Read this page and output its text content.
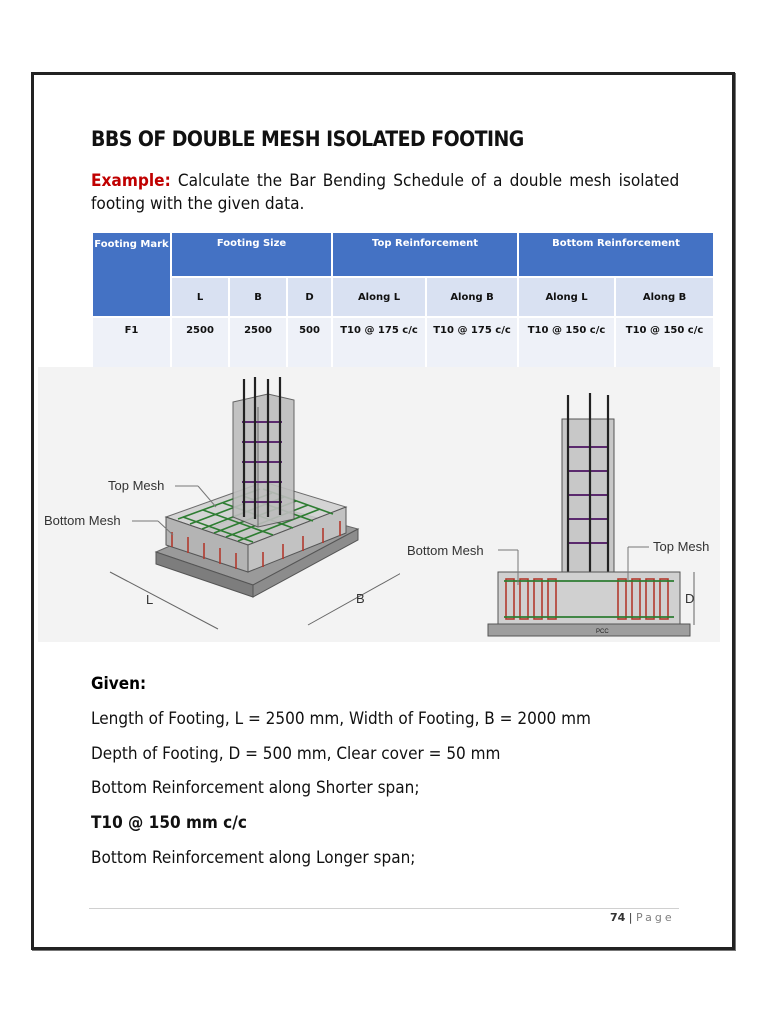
BBS OF DOUBLE MESH ISOLATED FOOTING
Example: Calculate the Bar Bending Schedule of a double mesh isolated footing with the given data.
Footing Mark	Footing Size			Top Reinforcement		Bottom Reinforcement	
	L	B	D	Along L	Along B	Along L	Along B
F1	2500	2500	500	T10 @ 175 c/c	T10 @ 175 c/c	T10 @ 150 c/c	T10 @ 150 c/c
Top Mesh
Bottom Mesh
L	B
PCC
Bottom Mesh	Top Mesh
D
Given:
Length of Footing, L = 2500 mm, Width of Footing, B = 2000 mm
Depth of Footing, D = 500 mm, Clear cover = 50 mm
Bottom Reinforcement along Shorter span;
T10 @ 150 mm c/c
Bottom Reinforcement along Longer span;
74 | Page
